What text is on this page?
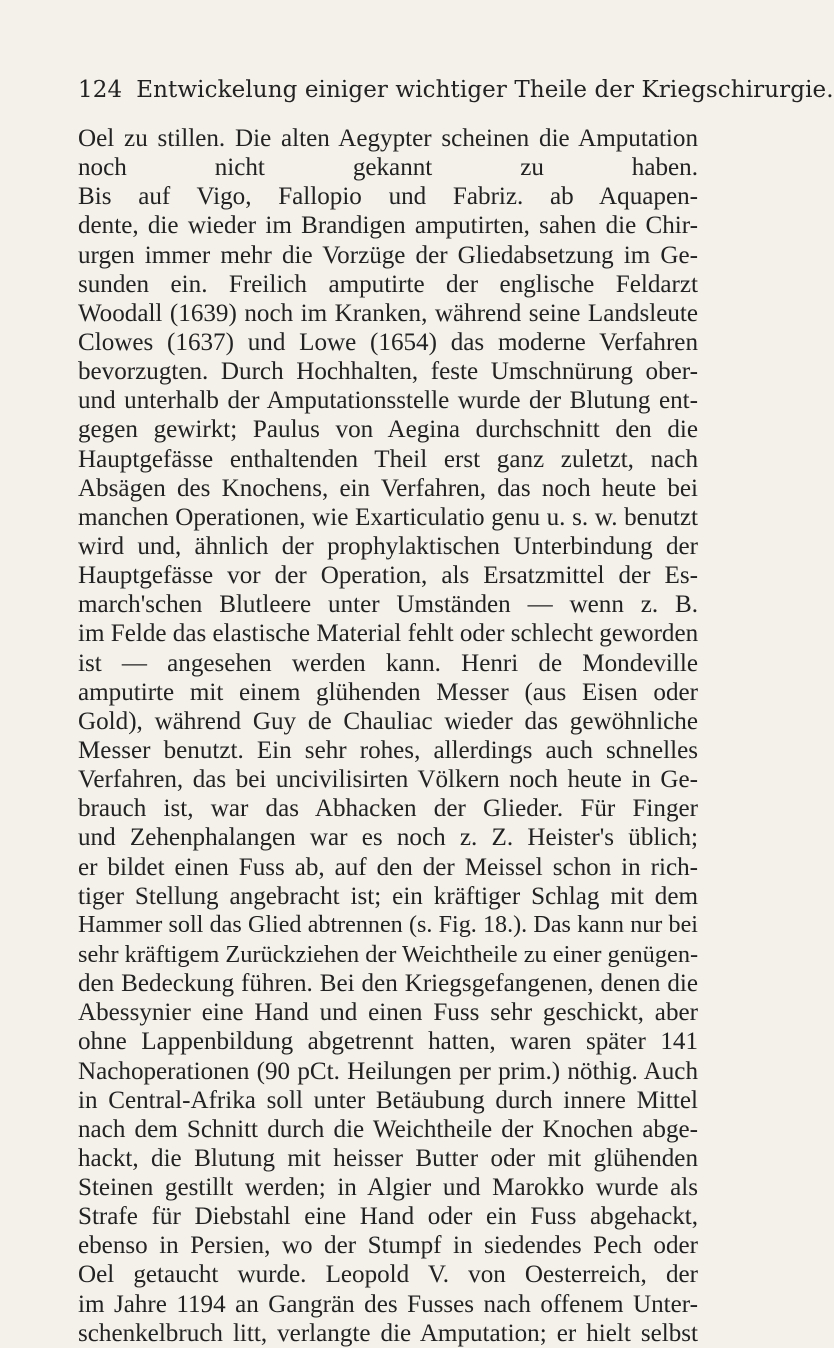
124 Entwickelung einiger wichtiger Theile der Kriegschirurgie.
Oel zu stillen. Die alten Aegypter scheinen die Amputation
noch nicht gekannt zu haben.
Bis auf Vigo, Fallopio und Fabriz. ab Aquapen-
dente, die wieder im Brandigen amputirten, sahen die Chir-
urgen immer mehr die Vorzüge der Gliedabsetzung im Ge-
sunden ein. Freilich amputirte der englische Feldarzt
Woodall (1639) noch im Kranken, während seine Landsleute
Clowes (1637) und Lowe (1654) das moderne Verfahren
bevorzugten. Durch Hochhalten, feste Umschnürung ober-
und unterhalb der Amputationsstelle wurde der Blutung ent-
gegen gewirkt; Paulus von Aegina durchschnitt den die
Hauptgefässe enthaltenden Theil erst ganz zuletzt, nach
Absägen des Knochens, ein Verfahren, das noch heute bei
manchen Operationen, wie Exarticulatio genu u. s. w. benutzt
wird und, ähnlich der prophylaktischen Unterbindung der
Hauptgefässe vor der Operation, als Ersatzmittel der Es-
march'schen Blutleere unter Umständen — wenn z. B.
im Felde das elastische Material fehlt oder schlecht geworden
ist — angesehen werden kann. Henri de Mondeville
amputirte mit einem glühenden Messer (aus Eisen oder
Gold), während Guy de Chauliac wieder das gewöhnliche
Messer benutzt. Ein sehr rohes, allerdings auch schnelles
Verfahren, das bei uncivilisirten Völkern noch heute in Ge-
brauch ist, war das Abhacken der Glieder. Für Finger
und Zehenphalangen war es noch z. Z. Heister's üblich;
er bildet einen Fuss ab, auf den der Meissel schon in rich-
tiger Stellung angebracht ist; ein kräftiger Schlag mit dem
Hammer soll das Glied abtrennen (s. Fig. 18.). Das kann nur bei
sehr kräftigem Zurückziehen der Weichtheile zu einer genügen-
den Bedeckung führen. Bei den Kriegsgefangenen, denen die
Abessynier eine Hand und einen Fuss sehr geschickt, aber
ohne Lappenbildung abgetrennt hatten, waren später 141
Nachoperationen (90 pCt. Heilungen per prim.) nöthig. Auch
in Central-Afrika soll unter Betäubung durch innere Mittel
nach dem Schnitt durch die Weichtheile der Knochen abge-
hackt, die Blutung mit heisser Butter oder mit glühenden
Steinen gestillt werden; in Algier und Marokko wurde als
Strafe für Diebstahl eine Hand oder ein Fuss abgehackt,
ebenso in Persien, wo der Stumpf in siedendes Pech oder
Oel getaucht wurde. Leopold V. von Oesterreich, der
im Jahre 1194 an Gangrän des Fusses nach offenem Unter-
schenkelbruch litt, verlangte die Amputation; er hielt selbst
